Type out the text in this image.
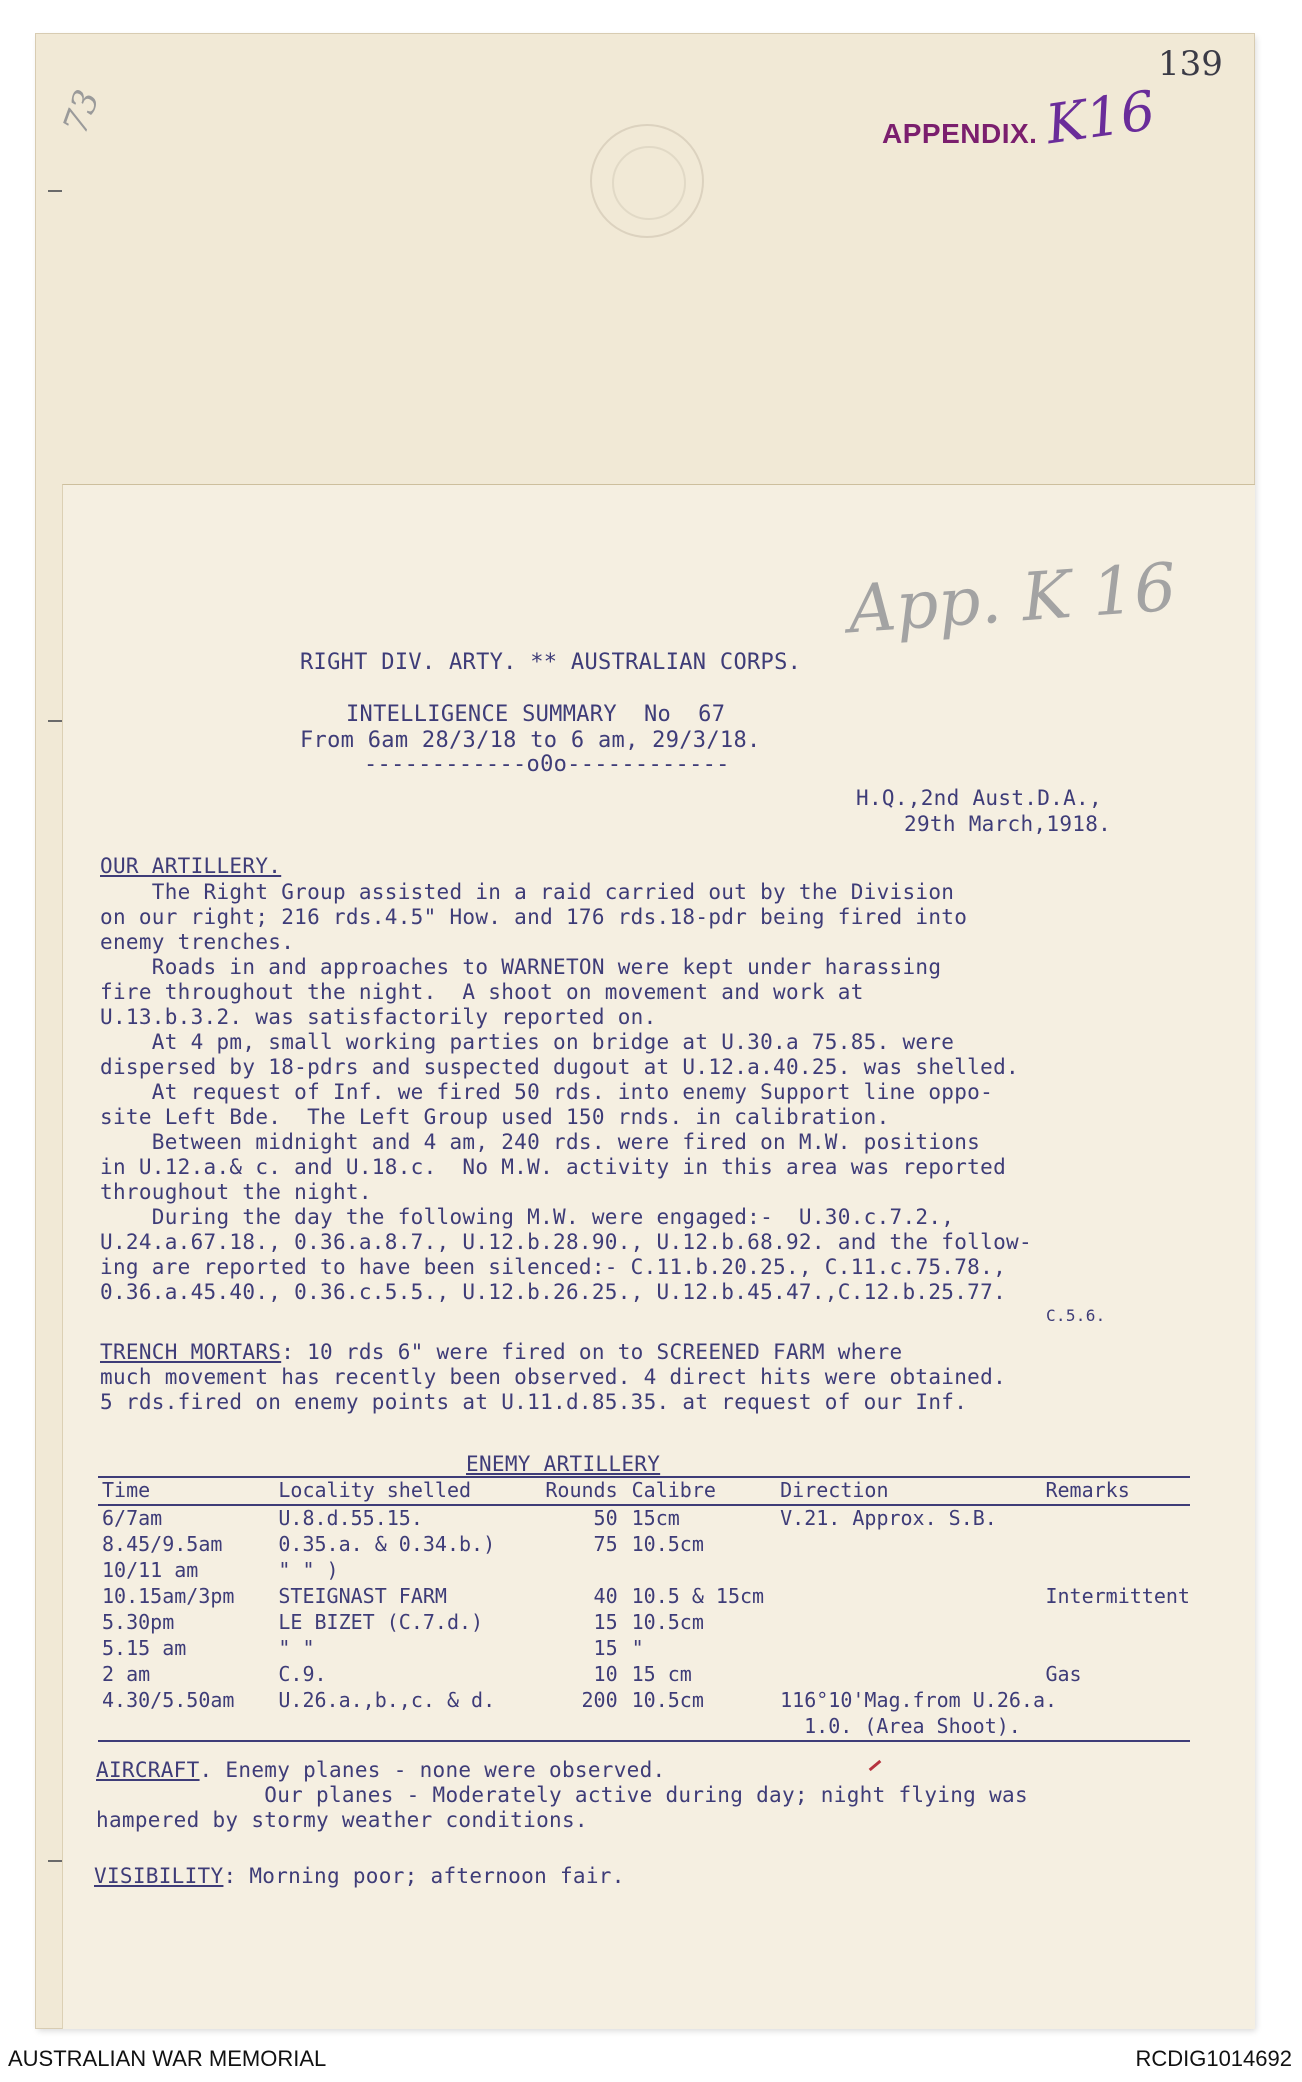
139
73	APPENDIX. K16
App. K 16
RIGHT DIV. ARTY. ** AUSTRALIAN CORPS.
INTELLIGENCE SUMMARY  No  67
From 6am 28/3/18 to 6 am, 29/3/18.
------------o0o------------
H.Q.,2nd Aust.D.A.,
29th March,1918.
OUR ARTILLERY.
The Right Group assisted in a raid carried out by the Division
on our right; 216 rds.4.5" How. and 176 rds.18-pdr being fired into
enemy trenches.
Roads in and approaches to WARNETON were kept under harassing
fire throughout the night.  A shoot on movement and work at
U.13.b.3.2. was satisfactorily reported on.
At 4 pm, small working parties on bridge at U.30.a 75.85. were
dispersed by 18-pdrs and suspected dugout at U.12.a.40.25. was shelled.
At request of Inf. we fired 50 rds. into enemy Support line oppo-
site Left Bde.  The Left Group used 150 rnds. in calibration.
Between midnight and 4 am, 240 rds. were fired on M.W. positions
in U.12.a.& c. and U.18.c.  No M.W. activity in this area was reported
throughout the night.
During the day the following M.W. were engaged:-  U.30.c.7.2.,
U.24.a.67.18., 0.36.a.8.7., U.12.b.28.90., U.12.b.68.92. and the follow-
ing are reported to have been silenced:- C.11.b.20.25., C.11.c.75.78.,
0.36.a.45.40., 0.36.c.5.5., U.12.b.26.25., U.12.b.45.47.,C.12.b.25.77.
C.5.6.
TRENCH MORTARS: 10 rds 6" were fired on to SCREENED FARM where
much movement has recently been observed. 4 direct hits were obtained.
5 rds.fired on enemy points at U.11.d.85.35. at request of our Inf.
ENEMY ARTILLERY
Time	Locality shelled	Rounds	Calibre	Direction	Remarks
6/7am	U.8.d.55.15.	50	15cm	V.21. Approx. S.B.	
8.45/9.5am	0.35.a. & 0.34.b.)	75	10.5cm		
10/11 am	" " )				
10.15am/3pm	STEIGNAST FARM	40	10.5 & 15cm		Intermittent
5.30pm	LE BIZET (C.7.d.)	15	10.5cm		
5.15 am	" "	15	"		
2 am	C.9.	10	15 cm		Gas
4.30/5.50am	U.26.a.,b.,c. & d.	200	10.5cm	116°10'Mag.from U.26.a.	
				1.0. (Area Shoot).	
AIRCRAFT. Enemy planes - none were observed.
Our planes - Moderately active during day; night flying was
hampered by stormy weather conditions.
VISIBILITY: Morning poor; afternoon fair.
AUSTRALIAN WAR MEMORIAL	RCDIG1014692
